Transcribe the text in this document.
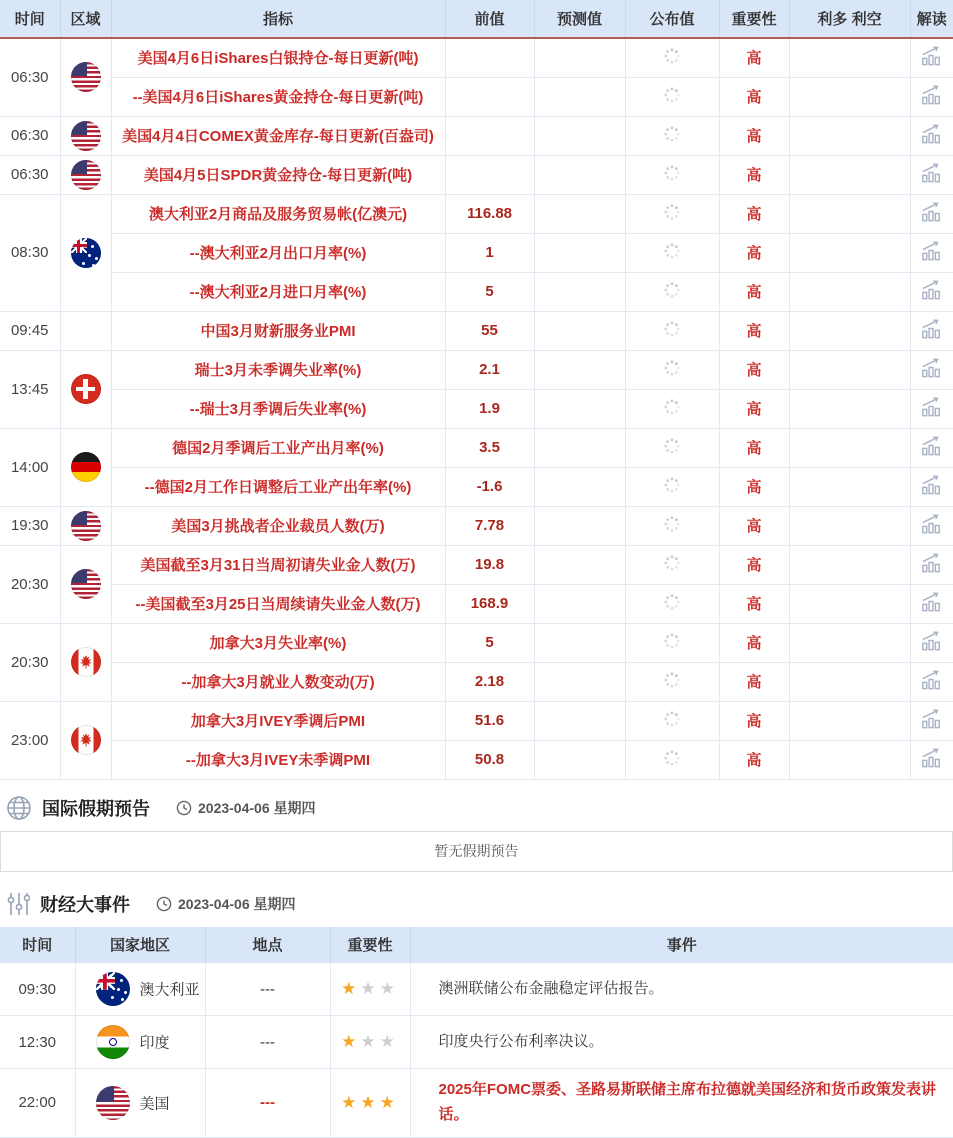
时间	区域	指标	前值	预测值	公布值	重要性	利多 利空	解读
06:30		美国4月6日iShares白银持仓-每日更新(吨)				高		
		--美国4月6日iShares黄金持仓-每日更新(吨)				高		
06:30		美国4月4日COMEX黄金库存-每日更新(百盎司)				高		
06:30		美国4月5日SPDR黄金持仓-每日更新(吨)				高		
08:30		澳大利亚2月商品及服务贸易帐(亿澳元)	116.88			高		
		--澳大利亚2月出口月率(%)	1			高		
		--澳大利亚2月进口月率(%)	5			高		
09:45		中国3月财新服务业PMI	55			高		
13:45		瑞士3月未季调失业率(%)	2.1			高		
		--瑞士3月季调后失业率(%)	1.9			高		
14:00		德国2月季调后工业产出月率(%)	3.5			高		
		--德国2月工作日调整后工业产出年率(%)	-1.6			高		
19:30		美国3月挑战者企业裁员人数(万)	7.78			高		
20:30		美国截至3月31日当周初请失业金人数(万)	19.8			高		
		--美国截至3月25日当周续请失业金人数(万)	168.9			高		
20:30		加拿大3月失业率(%)	5			高		
		--加拿大3月就业人数变动(万)	2.18			高		
23:00		加拿大3月IVEY季调后PMI	51.6			高		
		--加拿大3月IVEY未季调PMI	50.8			高		
国际假期预告	2023-04-06 星期四
暂无假期预告
财经大事件	2023-04-06 星期四
时间	国家地区	地点	重要性	事件
09:30	澳大利亚	---	★★★	澳洲联储公布金融稳定评估报告。
12:30	印度	---	★★★	印度央行公布利率决议。
22:00	美国	---	★★★	2025年FOMC票委、圣路易斯联储主席布拉德就美国经济和货币政策发表讲话。
